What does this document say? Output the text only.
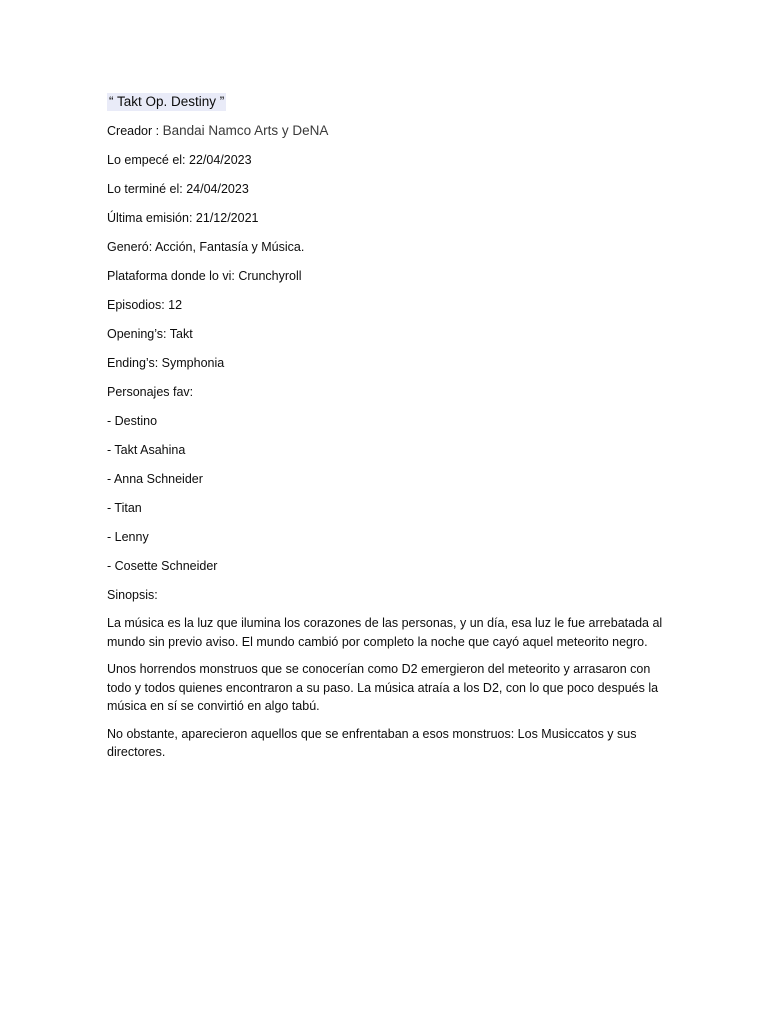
“ Takt Op. Destiny ”
Creador : Bandai Namco Arts y DeNA
Lo empecé el: 22/04/2023
Lo terminé el: 24/04/2023
Última emisión: 21/12/2021
Generó: Acción, Fantasía y Música.
Plataforma donde lo vi: Crunchyroll
Episodios: 12
Opening’s: Takt
Ending’s: Symphonia
Personajes fav:
- Destino
- Takt Asahina
- Anna Schneider
- Titan
- Lenny
- Cosette Schneider
Sinopsis:
La música es la luz que ilumina los corazones de las personas, y un día, esa luz le fue arrebatada al mundo sin previo aviso. El mundo cambió por completo la noche que cayó aquel meteorito negro.
Unos horrendos monstruos que se conocerían como D2 emergieron del meteorito y arrasaron con todo y todos quienes encontraron a su paso. La música atraía a los D2, con lo que poco después la música en sí se convirtió en algo tabú.
No obstante, aparecieron aquellos que se enfrentaban a esos monstruos: Los Musiccatos y sus directores.
